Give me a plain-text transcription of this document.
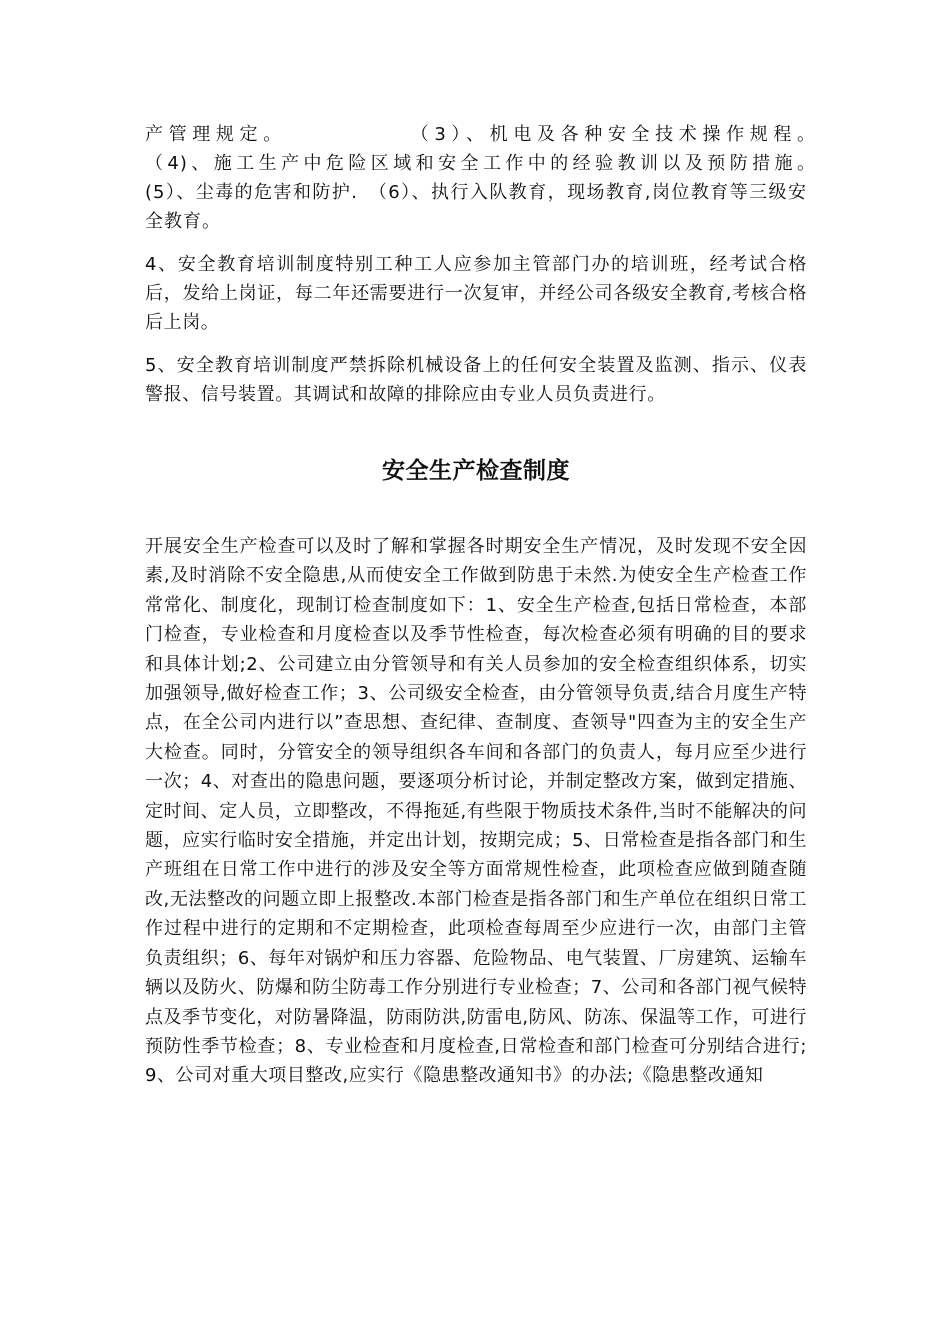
产管理规定。　　　　　　（3）、机电及各种安全技术操作规程。　　　　　（4)、施工生产中危险区域和安全工作中的经验教训以及预防措施。　　　　　(5）、尘毒的危害和防护.　（6）、执行入队教育，现场教育,岗位教育等三级安全教育。

4、安全教育培训制度特别工种工人应参加主管部门办的培训班，经考试合格后，发给上岗证，每二年还需要进行一次复审，并经公司各级安全教育,考核合格后上岗。

5、安全教育培训制度严禁拆除机械设备上的任何安全装置及监测、指示、仪表警报、信号装置。其调试和故障的排除应由专业人员负责进行。

安全生产检查制度

开展安全生产检查可以及时了解和掌握各时期安全生产情况，及时发现不安全因素,及时消除不安全隐患,从而使安全工作做到防患于未然.为使安全生产检查工作常常化、制度化，现制订检查制度如下：1、安全生产检查,包括日常检查，本部门检查，专业检查和月度检查以及季节性检查，每次检查必须有明确的目的要求和具体计划;2、公司建立由分管领导和有关人员参加的安全检查组织体系，切实加强领导,做好检查工作；3、公司级安全检查，由分管领导负责,结合月度生产特点，在全公司内进行以”查思想、查纪律、查制度、查领导"四查为主的安全生产大检查。同时，分管安全的领导组织各车间和各部门的负责人，每月应至少进行一次；4、对查出的隐患问题，要逐项分析讨论，并制定整改方案，做到定措施、定时间、定人员，立即整改，不得拖延,有些限于物质技术条件,当时不能解决的问题，应实行临时安全措施，并定出计划，按期完成；5、日常检查是指各部门和生产班组在日常工作中进行的涉及安全等方面常规性检查，此项检查应做到随查随改,无法整改的问题立即上报整改.本部门检查是指各部门和生产单位在组织日常工作过程中进行的定期和不定期检查，此项检查每周至少应进行一次，由部门主管负责组织；6、每年对锅炉和压力容器、危险物品、电气装置、厂房建筑、运输车辆以及防火、防爆和防尘防毒工作分别进行专业检查；7、公司和各部门视气候特点及季节变化，对防暑降温，防雨防洪,防雷电,防风、防冻、保温等工作，可进行预防性季节检查；8、专业检查和月度检查,日常检查和部门检查可分别结合进行;9、公司对重大项目整改,应实行《隐患整改通知书》的办法;《隐患整改通知
